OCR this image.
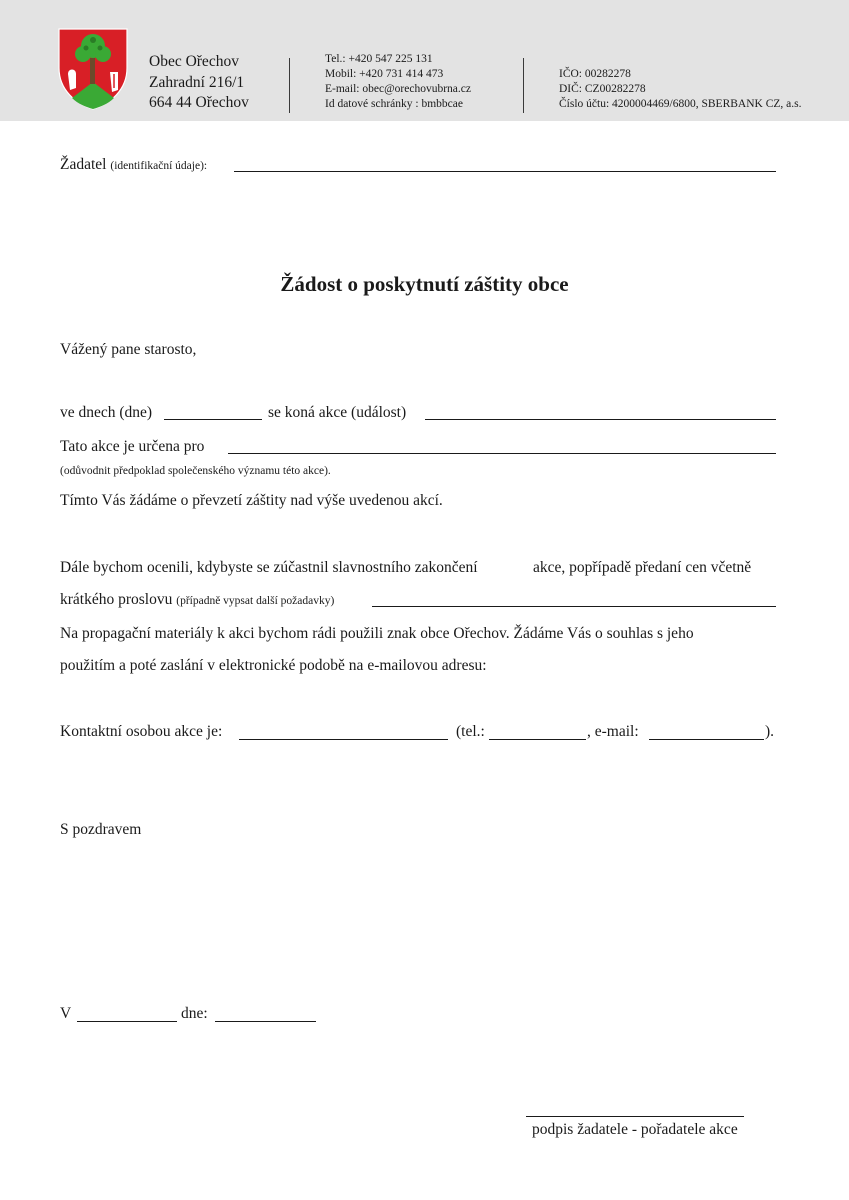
Obec Ořechov
Zahradní 216/1
664 44 Ořechov
Tel.: +420 547 225 131
Mobil: +420 731 414 473
E-mail: obec@orechovubrna.cz
Id datové schránky : bmbbcae
IČO: 00282278
DIČ: CZ00282278
Číslo účtu: 4200004469/6800, SBERBANK CZ, a.s.
Žadatel (identifikační údaje):
Žádost o poskytnutí záštity obce
Vážený pane starosto,
ve dnech (dne)	se koná akce (událost)
Tato akce je určena pro
(odůvodnit předpoklad společenského významu této akce).
Tímto Vás žádáme o převzetí záštity nad výše uvedenou akcí.
Dále bychom ocenili, kdybyste se zúčastnil slavnostního zakončení	akce, popřípadě předaní cen včetně
krátkého proslovu (případně vypsat další požadavky)
Na propagační materiály k akci bychom rádi použili znak obce Ořechov. Žádáme Vás o souhlas s jeho
použitím a poté zaslání v elektronické podobě na e-mailovou adresu:
Kontaktní osobou akce je:	(tel.:	, e-mail:	).
S pozdravem
V	dne:
podpis žadatele - pořadatele akce
